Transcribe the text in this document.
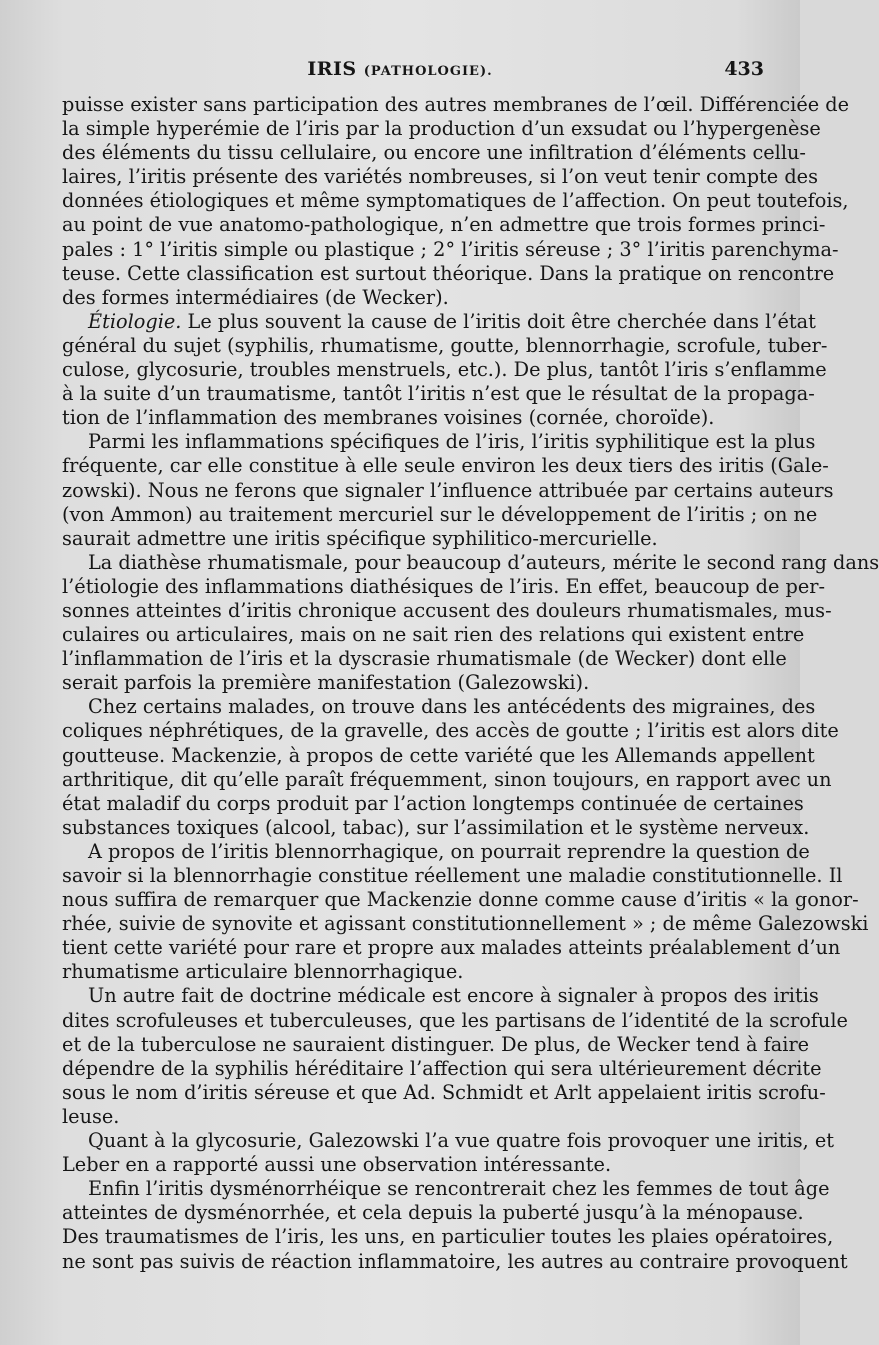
IRIS (PATHOLOGIE).	433
puisse exister sans participation des autres membranes de l’œil. Différenciée de
la simple hyperémie de l’iris par la production d’un exsudat ou l’hypergenèse
des éléments du tissu cellulaire, ou encore une infiltration d’éléments cellu-
laires, l’iritis présente des variétés nombreuses, si l’on veut tenir compte des
données étiologiques et même symptomatiques de l’affection. On peut toutefois,
au point de vue anatomo-pathologique, n’en admettre que trois formes princi-
pales : 1° l’iritis simple ou plastique ; 2° l’iritis séreuse ; 3° l’iritis parenchyma-
teuse. Cette classification est surtout théorique. Dans la pratique on rencontre
des formes intermédiaires (de Wecker).
Étiologie. Le plus souvent la cause de l’iritis doit être cherchée dans l’état
général du sujet (syphilis, rhumatisme, goutte, blennorrhagie, scrofule, tuber-
culose, glycosurie, troubles menstruels, etc.). De plus, tantôt l’iris s’enflamme
à la suite d’un traumatisme, tantôt l’iritis n’est que le résultat de la propaga-
tion de l’inflammation des membranes voisines (cornée, choroïde).
Parmi les inflammations spécifiques de l’iris, l’iritis syphilitique est la plus
fréquente, car elle constitue à elle seule environ les deux tiers des iritis (Gale-
zowski). Nous ne ferons que signaler l’influence attribuée par certains auteurs
(von Ammon) au traitement mercuriel sur le développement de l’iritis ; on ne
saurait admettre une iritis spécifique syphilitico-mercurielle.
La diathèse rhumatismale, pour beaucoup d’auteurs, mérite le second rang dans
l’étiologie des inflammations diathésiques de l’iris. En effet, beaucoup de per-
sonnes atteintes d’iritis chronique accusent des douleurs rhumatismales, mus-
culaires ou articulaires, mais on ne sait rien des relations qui existent entre
l’inflammation de l’iris et la dyscrasie rhumatismale (de Wecker) dont elle
serait parfois la première manifestation (Galezowski).
Chez certains malades, on trouve dans les antécédents des migraines, des
coliques néphrétiques, de la gravelle, des accès de goutte ; l’iritis est alors dite
goutteuse. Mackenzie, à propos de cette variété que les Allemands appellent
arthritique, dit qu’elle paraît fréquemment, sinon toujours, en rapport avec un
état maladif du corps produit par l’action longtemps continuée de certaines
substances toxiques (alcool, tabac), sur l’assimilation et le système nerveux.
A propos de l’iritis blennorrhagique, on pourrait reprendre la question de
savoir si la blennorrhagie constitue réellement une maladie constitutionnelle. Il
nous suffira de remarquer que Mackenzie donne comme cause d’iritis « la gonor-
rhée, suivie de synovite et agissant constitutionnellement » ; de même Galezowski
tient cette variété pour rare et propre aux malades atteints préalablement d’un
rhumatisme articulaire blennorrhagique.
Un autre fait de doctrine médicale est encore à signaler à propos des iritis
dites scrofuleuses et tuberculeuses, que les partisans de l’identité de la scrofule
et de la tuberculose ne sauraient distinguer. De plus, de Wecker tend à faire
dépendre de la syphilis héréditaire l’affection qui sera ultérieurement décrite
sous le nom d’iritis séreuse et que Ad. Schmidt et Arlt appelaient iritis scrofu-
leuse.
Quant à la glycosurie, Galezowski l’a vue quatre fois provoquer une iritis, et
Leber en a rapporté aussi une observation intéressante.
Enfin l’iritis dysménorrhéique se rencontrerait chez les femmes de tout âge
atteintes de dysménorrhée, et cela depuis la puberté jusqu’à la ménopause.
Des traumatismes de l’iris, les uns, en particulier toutes les plaies opératoires,
ne sont pas suivis de réaction inflammatoire, les autres au contraire provoquent
